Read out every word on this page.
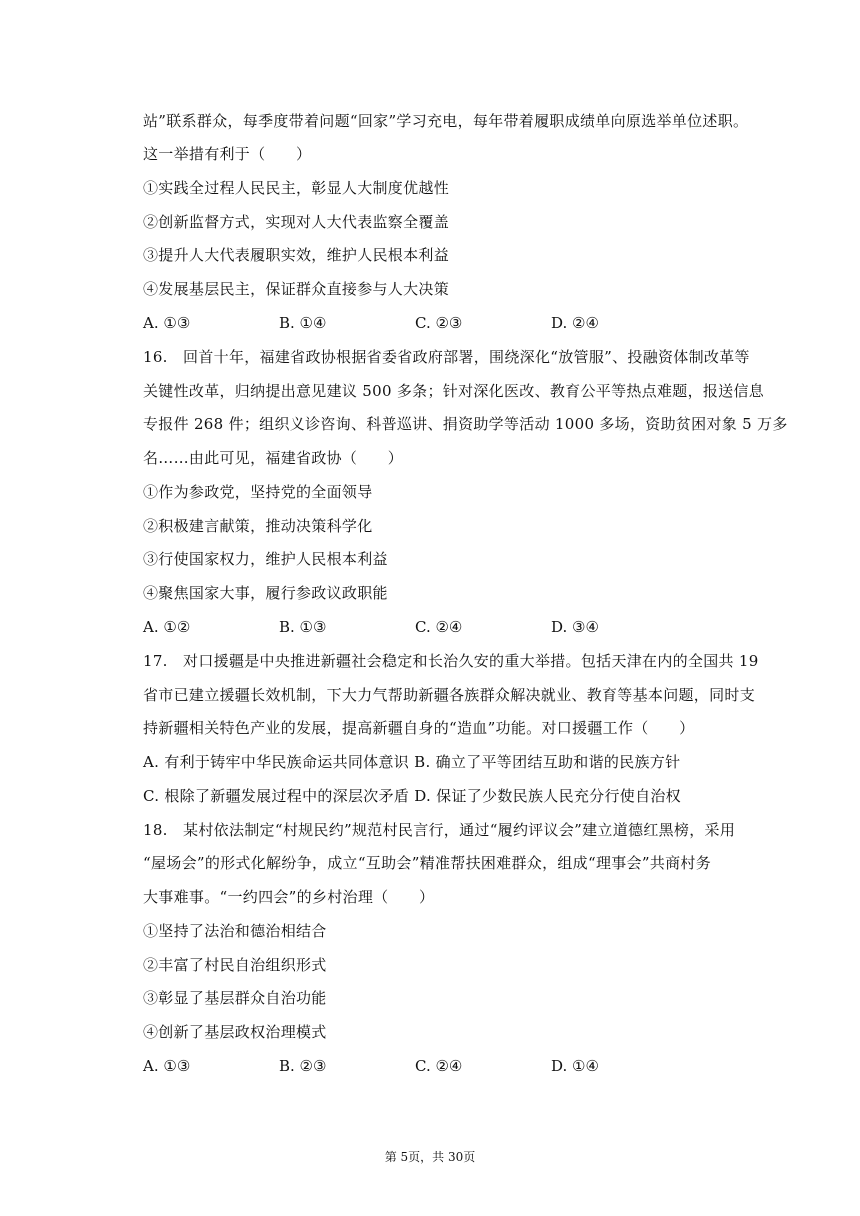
站”联系群众，每季度带着问题“回家”学习充电，每年带着履职成绩单向原选举单位述职。
这一举措有利于（　　）
①实践全过程人民民主，彰显人大制度优越性
②创新监督方式，实现对人大代表监察全覆盖
③提升人大代表履职实效，维护人民根本利益
④发展基层民主，保证群众直接参与人大决策
A. ①③	B. ①④	C. ②③	D. ②④
16.　回首十年，福建省政协根据省委省政府部署，围绕深化“放管服”、投融资体制改革等
关键性改革，归纳提出意见建议 500 多条；针对深化医改、教育公平等热点难题，报送信息
专报件 268 件；组织义诊咨询、科普巡讲、捐资助学等活动 1000 多场，资助贫困对象 5 万多
名……由此可见，福建省政协（　　）
①作为参政党，坚持党的全面领导
②积极建言献策，推动决策科学化
③行使国家权力，维护人民根本利益
④聚焦国家大事，履行参政议政职能
A. ①②	B. ①③	C. ②④	D. ③④
17.　对口援疆是中央推进新疆社会稳定和长治久安的重大举措。包括天津在内的全国共 19
省市已建立援疆长效机制，下大力气帮助新疆各族群众解决就业、教育等基本问题，同时支
持新疆相关特色产业的发展，提高新疆自身的“造血”功能。对口援疆工作（　　）
A. 有利于铸牢中华民族命运共同体意识 B. 确立了平等团结互助和谐的民族方针
C. 根除了新疆发展过程中的深层次矛盾 D. 保证了少数民族人民充分行使自治权
18.　某村依法制定“村规民约”规范村民言行，通过“履约评议会”建立道德红黑榜，采用
“屋场会”的形式化解纷争，成立“互助会”精准帮扶困难群众，组成“理事会”共商村务
大事难事。“一约四会”的乡村治理（　　）
①坚持了法治和德治相结合
②丰富了村民自治组织形式
③彰显了基层群众自治功能
④创新了基层政权治理模式
A. ①③	B. ②③	C. ②④	D. ①④
第 5页，共 30页
